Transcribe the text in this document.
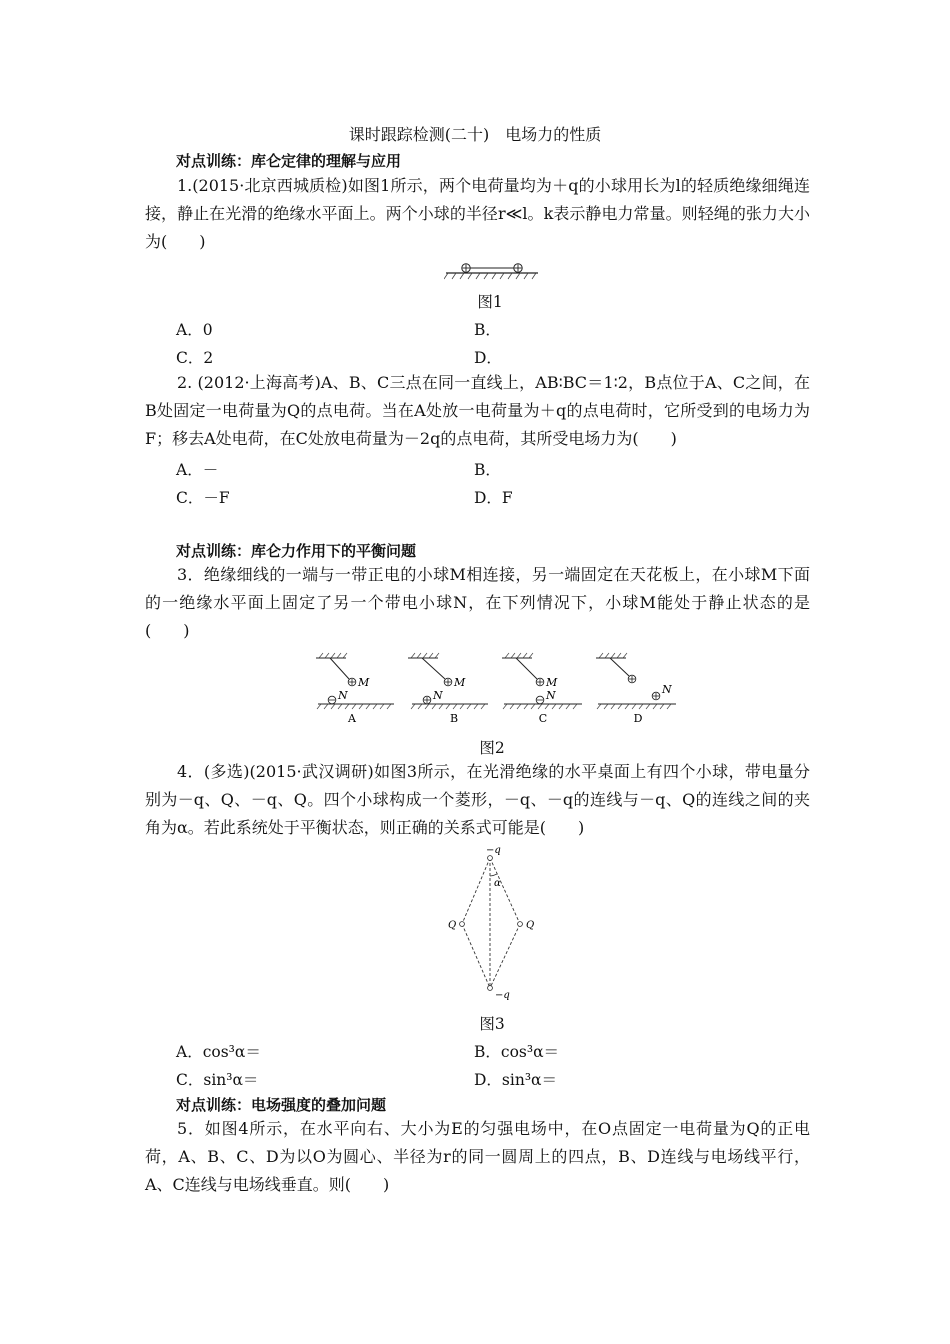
课时跟踪检测(二十)　电场力的性质
对点训练：库仑定律的理解与应用
1.(2015·北京西城质检)如图1所示，两个电荷量均为＋q的小球用长为l的轻质绝缘细绳连接，静止在光滑的绝缘水平面上。两个小球的半径r≪l。k表示静电力常量。则轻绳的张力大小为(　　)
图1
A．0	B．
C．2	D．
2. (2012·上海高考)A、B、C三点在同一直线上，AB∶BC＝1∶2，B点位于A、C之间，在B处固定一电荷量为Q的点电荷。当在A处放一电荷量为＋q的点电荷时，它所受到的电场力为F；移去A处电荷，在C处放电荷量为－2q的点电荷，其所受电场力为(　　)
A．－	B．
C．－F	D．F
对点训练：库仑力作用下的平衡问题
3．绝缘细线的一端与一带正电的小球M相连接，另一端固定在天花板上，在小球M下面的一绝缘水平面上固定了另一个带电小球N，在下列情况下，小球M能处于静止状态的是(　　)
M
N
A
M
N
B
M
N
C
N
D
图2
4．(多选)(2015·武汉调研)如图3所示，在光滑绝缘的水平桌面上有四个小球，带电量分别为－q、Q、－q、Q。四个小球构成一个菱形，－q、－q的连线与－q、Q的连线之间的夹角为α。若此系统处于平衡状态，则正确的关系式可能是(　　)
α
−q
Q	Q
−q
图3
A．cos³α＝	B．cos³α＝
C．sin³α＝	D．sin³α＝
对点训练：电场强度的叠加问题
5．如图4所示，在水平向右、大小为E的匀强电场中，在O点固定一电荷量为Q的正电荷，A、B、C、D为以O为圆心、半径为r的同一圆周上的四点，B、D连线与电场线平行，A、C连线与电场线垂直。则(　　)
